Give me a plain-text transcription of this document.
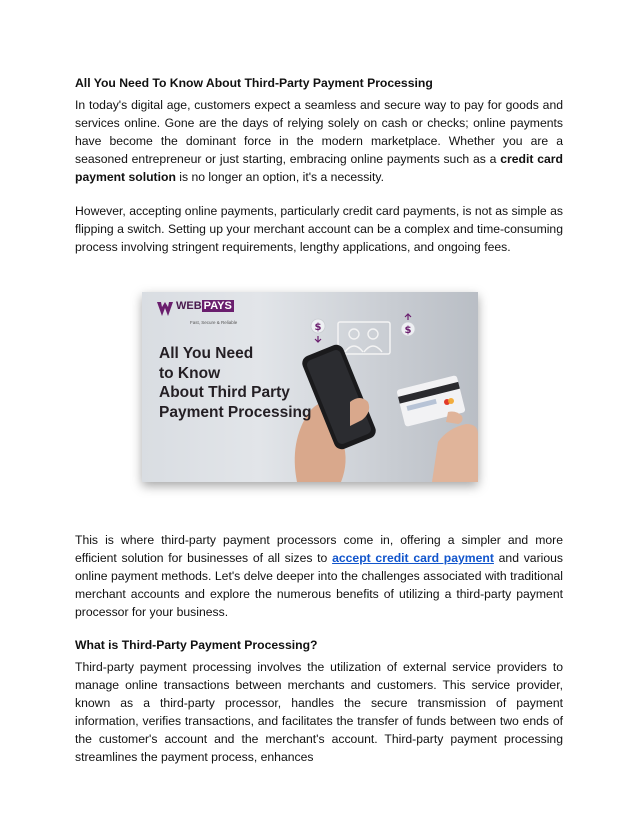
All You Need To Know About Third-Party Payment Processing

In today's digital age, customers expect a seamless and secure way to pay for goods and services online. Gone are the days of relying solely on cash or checks; online payments have become the dominant force in the modern marketplace. Whether you are a seasoned entrepreneur or just starting, embracing online payments such as a credit card payment solution is no longer an option, it's a necessity.

However, accepting online payments, particularly credit card payments, is not as simple as flipping a switch. Setting up your merchant account can be a complex and time-consuming process involving stringent requirements, lengthy applications, and ongoing fees.

$	$
WEB PAYS
Fast, Secure & Reliable
All You Need
to Know
About Third Party
Payment Processing

This is where third-party payment processors come in, offering a simpler and more efficient solution for businesses of all sizes to accept credit card payment and various online payment methods. Let's delve deeper into the challenges associated with traditional merchant accounts and explore the numerous benefits of utilizing a third-party payment processor for your business.

What is Third-Party Payment Processing?

Third-party payment processing involves the utilization of external service providers to manage online transactions between merchants and customers. This service provider, known as a third-party processor, handles the secure transmission of payment information, verifies transactions, and facilitates the transfer of funds between two ends of the customer's account and the merchant's account. Third-party payment processing streamlines the payment process, enhances
